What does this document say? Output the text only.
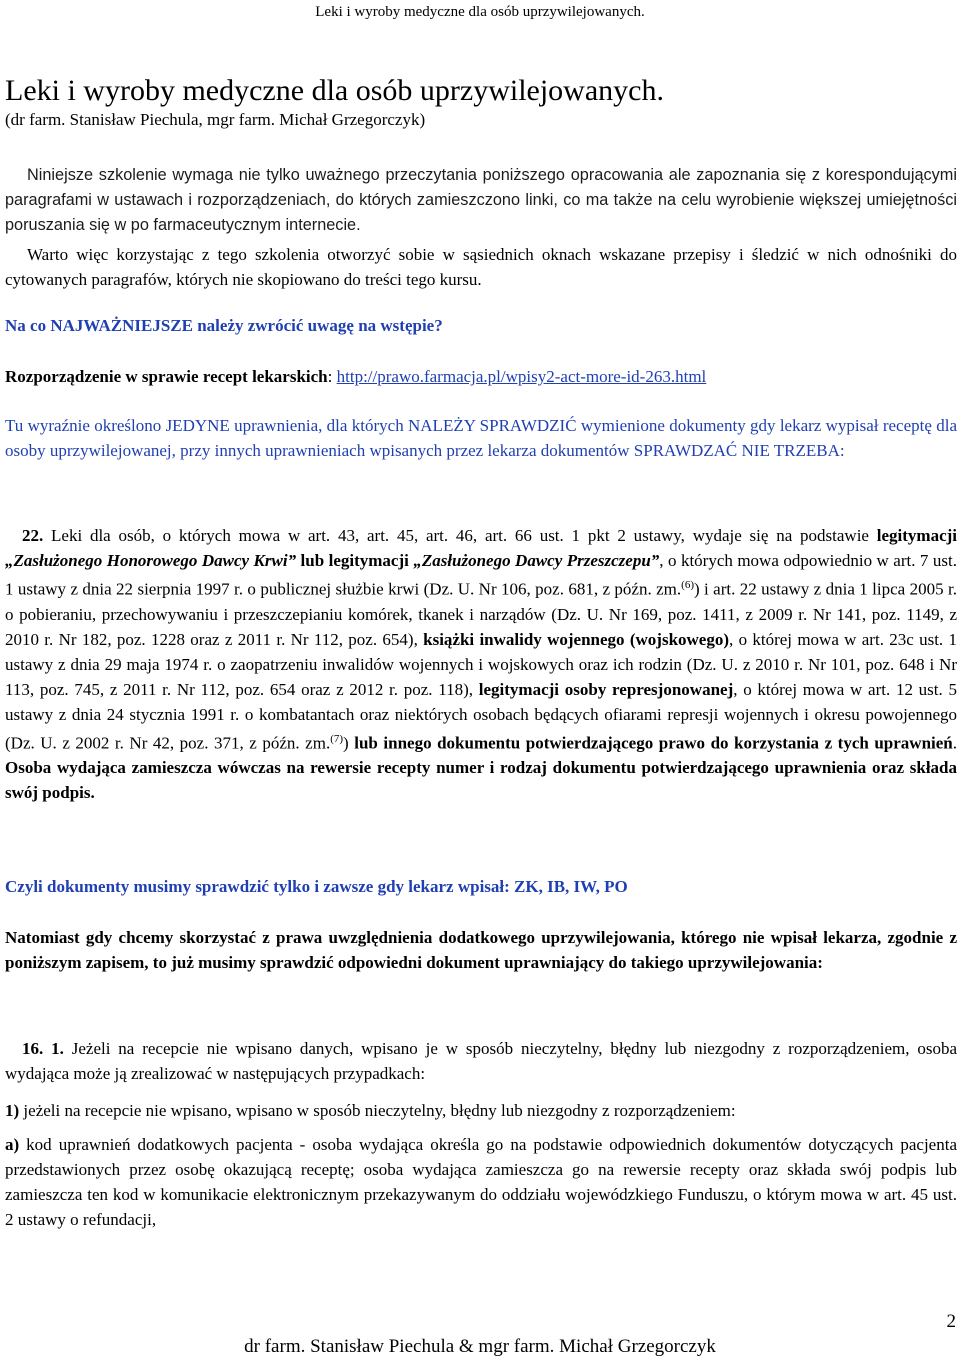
Leki i wyroby medyczne dla osób uprzywilejowanych.
Leki i wyroby medyczne dla osób uprzywilejowanych.
(dr farm. Stanisław Piechula, mgr farm. Michał Grzegorczyk)

Niniejsze szkolenie wymaga nie tylko uważnego przeczytania poniższego opracowania ale zapoznania się z korespondującymi paragrafami w ustawach i rozporządzeniach, do których zamieszczono linki, co ma także na celu wyrobienie większej umiejętności poruszania się w po farmaceutycznym internecie.

Warto więc korzystając z tego szkolenia otworzyć sobie w sąsiednich oknach wskazane przepisy i śledzić w nich odnośniki do cytowanych paragrafów, których nie skopiowano do treści tego kursu.

Na co NAJWAŻNIEJSZE należy zwrócić uwagę na wstępie?
Rozporządzenie w sprawie recept lekarskich: http://prawo.farmacja.pl/wpisy2-act-more-id-263.html

Tu wyraźnie określono JEDYNE uprawnienia, dla których NALEŻY SPRAWDZIĆ wymienione dokumenty gdy lekarz wypisał receptę dla osoby uprzywilejowanej, przy innych uprawnieniach wpisanych przez lekarza dokumentów SPRAWDZAĆ NIE TRZEBA:

22. Leki dla osób, o których mowa w art. 43, art. 45, art. 46, art. 66 ust. 1 pkt 2 ustawy, wydaje się na podstawie legitymacji „Zasłużonego Honorowego Dawcy Krwi” lub legitymacji „Zasłużonego Dawcy Przeszczepu”, o których mowa odpowiednio w art. 7 ust. 1 ustawy z dnia 22 sierpnia 1997 r. o publicznej służbie krwi (Dz. U. Nr 106, poz. 681, z późn. zm.$^{(6)}$) i art. 22 ustawy z dnia 1 lipca 2005 r. o pobieraniu, przechowywaniu i przeszczepianiu komórek, tkanek i narządów (Dz. U. Nr 169, poz. 1411, z 2009 r. Nr 141, poz. 1149, z 2010 r. Nr 182, poz. 1228 oraz z 2011 r. Nr 112, poz. 654), książki inwalidy wojennego (wojskowego), o której mowa w art. 23c ust. 1 ustawy z dnia 29 maja 1974 r. o zaopatrzeniu inwalidów wojennych i wojskowych oraz ich rodzin (Dz. U. z 2010 r. Nr 101, poz. 648 i Nr 113, poz. 745, z 2011 r. Nr 112, poz. 654 oraz z 2012 r. poz. 118), legitymacji osoby represjonowanej, o której mowa w art. 12 ust. 5 ustawy z dnia 24 stycznia 1991 r. o kombatantach oraz niektórych osobach będących ofiarami represji wojennych i okresu powojennego (Dz. U. z 2002 r. Nr 42, poz. 371, z późn. zm.$^{(7)}$) lub innego dokumentu potwierdzającego prawo do korzystania z tych uprawnień. Osoba wydająca zamieszcza wówczas na rewersie recepty numer i rodzaj dokumentu potwierdzającego uprawnienia oraz składa swój podpis.

Czyli dokumenty musimy sprawdzić tylko i zawsze gdy lekarz wpisał: ZK, IB, IW, PO

Natomiast gdy chcemy skorzystać z prawa uwzględnienia dodatkowego uprzywilejowania, którego nie wpisał lekarza, zgodnie z poniższym zapisem, to już musimy sprawdzić odpowiedni dokument uprawniający do takiego uprzywilejowania:

16. 1. Jeżeli na recepcie nie wpisano danych, wpisano je w sposób nieczytelny, błędny lub niezgodny z rozporządzeniem, osoba wydająca może ją zrealizować w następujących przypadkach:

1) jeżeli na recepcie nie wpisano, wpisano w sposób nieczytelny, błędny lub niezgodny z rozporządzeniem:

a) kod uprawnień dodatkowych pacjenta - osoba wydająca określa go na podstawie odpowiednich dokumentów dotyczących pacjenta przedstawionych przez osobę okazującą receptę; osoba wydająca zamieszcza go na rewersie recepty oraz składa swój podpis lub zamieszcza ten kod w komunikacie elektronicznym przekazywanym do oddziału wojewódzkiego Funduszu, o którym mowa w art. 45 ust. 2 ustawy o refundacji,

2
dr farm. Stanisław Piechula & mgr farm. Michał Grzegorczyk
